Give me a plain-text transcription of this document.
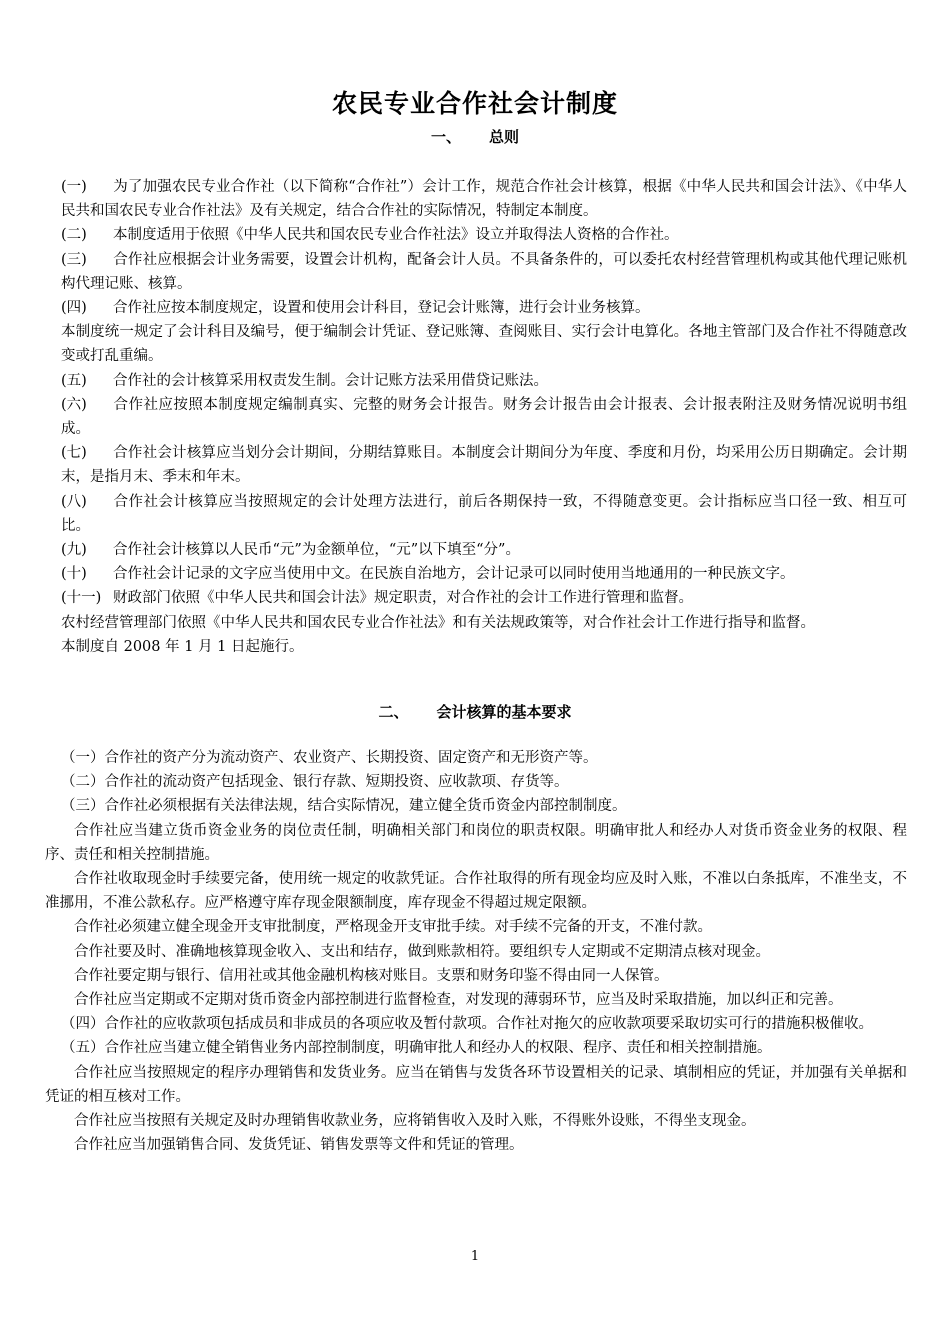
农民专业合作社会计制度
一、 总则

(一) 为了加强农民专业合作社（以下简称“合作社”）会计工作，规范合作社会计核算，根据《中华人民共和国会计法》、《中华人民共和国农民专业合作社法》及有关规定，结合合作社的实际情况，特制定本制度。

(二) 本制度适用于依照《中华人民共和国农民专业合作社法》设立并取得法人资格的合作社。

(三) 合作社应根据会计业务需要，设置会计机构，配备会计人员。不具备条件的，可以委托农村经营管理机构或其他代理记账机构代理记账、核算。

(四) 合作社应按本制度规定，设置和使用会计科目，登记会计账簿，进行会计业务核算。

本制度统一规定了会计科目及编号，便于编制会计凭证、登记账簿、查阅账目、实行会计电算化。各地主管部门及合作社不得随意改变或打乱重编。

(五) 合作社的会计核算采用权责发生制。会计记账方法采用借贷记账法。

(六) 合作社应按照本制度规定编制真实、完整的财务会计报告。财务会计报告由会计报表、会计报表附注及财务情况说明书组成。

(七) 合作社会计核算应当划分会计期间，分期结算账目。本制度会计期间分为年度、季度和月份，均采用公历日期确定。会计期末，是指月末、季末和年末。

(八) 合作社会计核算应当按照规定的会计处理方法进行，前后各期保持一致，不得随意变更。会计指标应当口径一致、相互可比。

(九) 合作社会计核算以人民币“元”为金额单位，“元”以下填至“分”。

(十) 合作社会计记录的文字应当使用中文。在民族自治地方，会计记录可以同时使用当地通用的一种民族文字。

(十一) 财政部门依照《中华人民共和国会计法》规定职责，对合作社的会计工作进行管理和监督。

农村经营管理部门依照《中华人民共和国农民专业合作社法》和有关法规政策等，对合作社会计工作进行指导和监督。

本制度自 2008 年 1 月 1 日起施行。

二、 会计核算的基本要求

（一）合作社的资产分为流动资产、农业资产、长期投资、固定资产和无形资产等。

（二）合作社的流动资产包括现金、银行存款、短期投资、应收款项、存货等。

（三）合作社必须根据有关法律法规，结合实际情况，建立健全货币资金内部控制制度。

合作社应当建立货币资金业务的岗位责任制，明确相关部门和岗位的职责权限。明确审批人和经办人对货币资金业务的权限、程序、责任和相关控制措施。

合作社收取现金时手续要完备，使用统一规定的收款凭证。合作社取得的所有现金均应及时入账，不准以白条抵库，不准坐支，不准挪用，不准公款私存。应严格遵守库存现金限额制度，库存现金不得超过规定限额。

合作社必须建立健全现金开支审批制度，严格现金开支审批手续。对手续不完备的开支，不准付款。

合作社要及时、准确地核算现金收入、支出和结存，做到账款相符。要组织专人定期或不定期清点核对现金。

合作社要定期与银行、信用社或其他金融机构核对账目。支票和财务印鉴不得由同一人保管。

合作社应当定期或不定期对货币资金内部控制进行监督检查，对发现的薄弱环节，应当及时采取措施，加以纠正和完善。

（四）合作社的应收款项包括成员和非成员的各项应收及暂付款项。合作社对拖欠的应收款项要采取切实可行的措施积极催收。

（五）合作社应当建立健全销售业务内部控制制度，明确审批人和经办人的权限、程序、责任和相关控制措施。

合作社应当按照规定的程序办理销售和发货业务。应当在销售与发货各环节设置相关的记录、填制相应的凭证，并加强有关单据和凭证的相互核对工作。

合作社应当按照有关规定及时办理销售收款业务，应将销售收入及时入账，不得账外设账，不得坐支现金。

合作社应当加强销售合同、发货凭证、销售发票等文件和凭证的管理。

1
